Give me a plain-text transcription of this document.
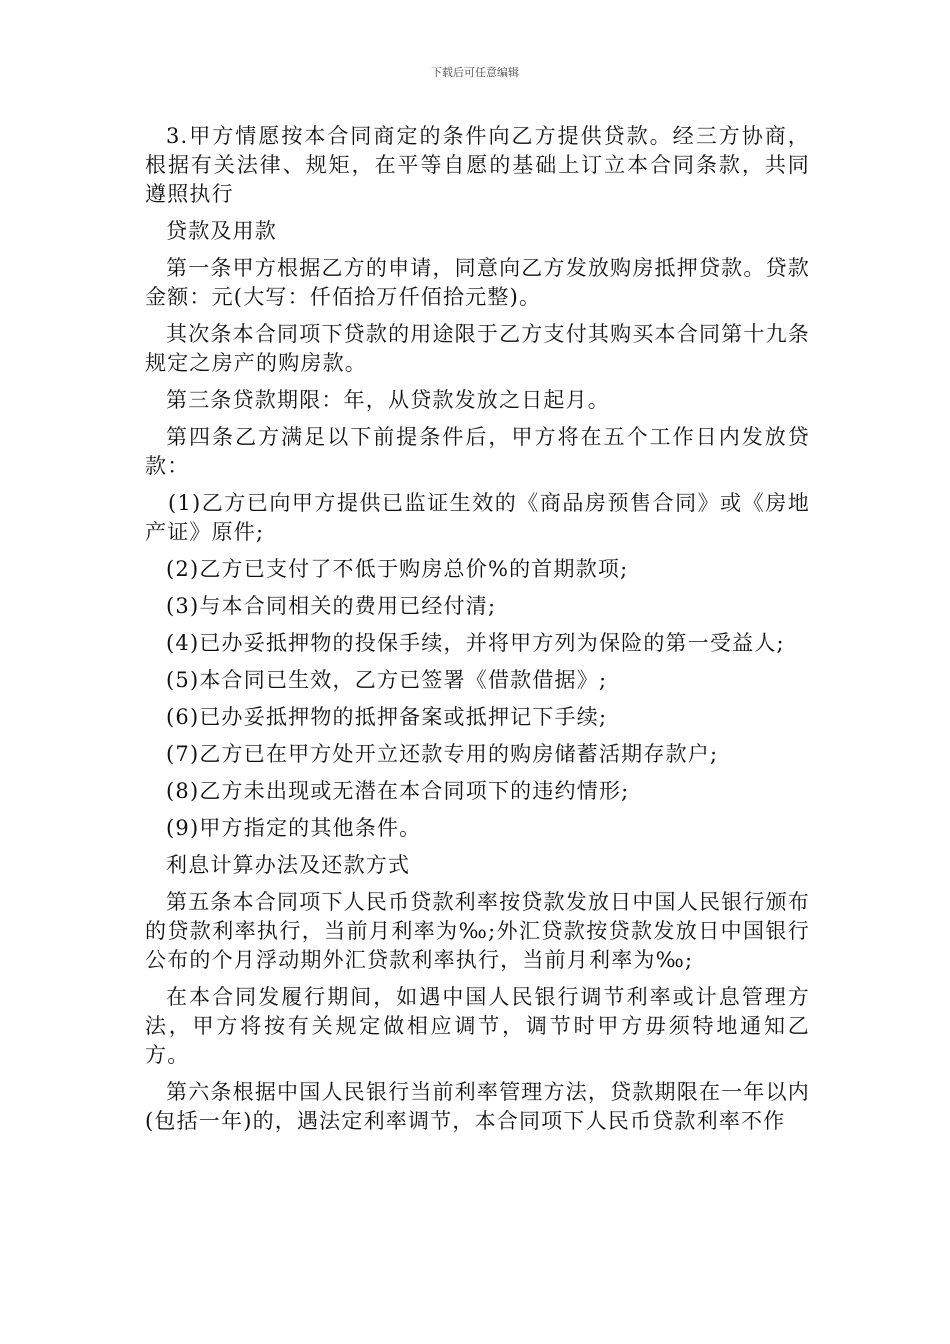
下载后可任意编辑

3.甲方情愿按本合同商定的条件向乙方提供贷款。经三方协商，根据有关法律、规矩，在平等自愿的基础上订立本合同条款，共同遵照执行

贷款及用款

第一条甲方根据乙方的申请，同意向乙方发放购房抵押贷款。贷款金额：元(大写：仟佰拾万仟佰拾元整)。

其次条本合同项下贷款的用途限于乙方支付其购买本合同第十九条规定之房产的购房款。

第三条贷款期限：年，从贷款发放之日起月。

第四条乙方满足以下前提条件后，甲方将在五个工作日内发放贷款：

(1)乙方已向甲方提供已监证生效的《商品房预售合同》或《房地产证》原件;

(2)乙方已支付了不低于购房总价%的首期款项;

(3)与本合同相关的费用已经付清;

(4)已办妥抵押物的投保手续，并将甲方列为保险的第一受益人;

(5)本合同已生效，乙方已签署《借款借据》;

(6)已办妥抵押物的抵押备案或抵押记下手续;

(7)乙方已在甲方处开立还款专用的购房储蓄活期存款户;

(8)乙方未出现或无潜在本合同项下的违约情形;

(9)甲方指定的其他条件。

利息计算办法及还款方式

第五条本合同项下人民币贷款利率按贷款发放日中国人民银行颁布的贷款利率执行，当前月利率为‰;外汇贷款按贷款发放日中国银行公布的个月浮动期外汇贷款利率执行，当前月利率为‰;

在本合同发履行期间，如遇中国人民银行调节利率或计息管理方法，甲方将按有关规定做相应调节，调节时甲方毋须特地通知乙方。

第六条根据中国人民银行当前利率管理方法，贷款期限在一年以内(包括一年)的，遇法定利率调节，本合同项下人民币贷款利率不作
